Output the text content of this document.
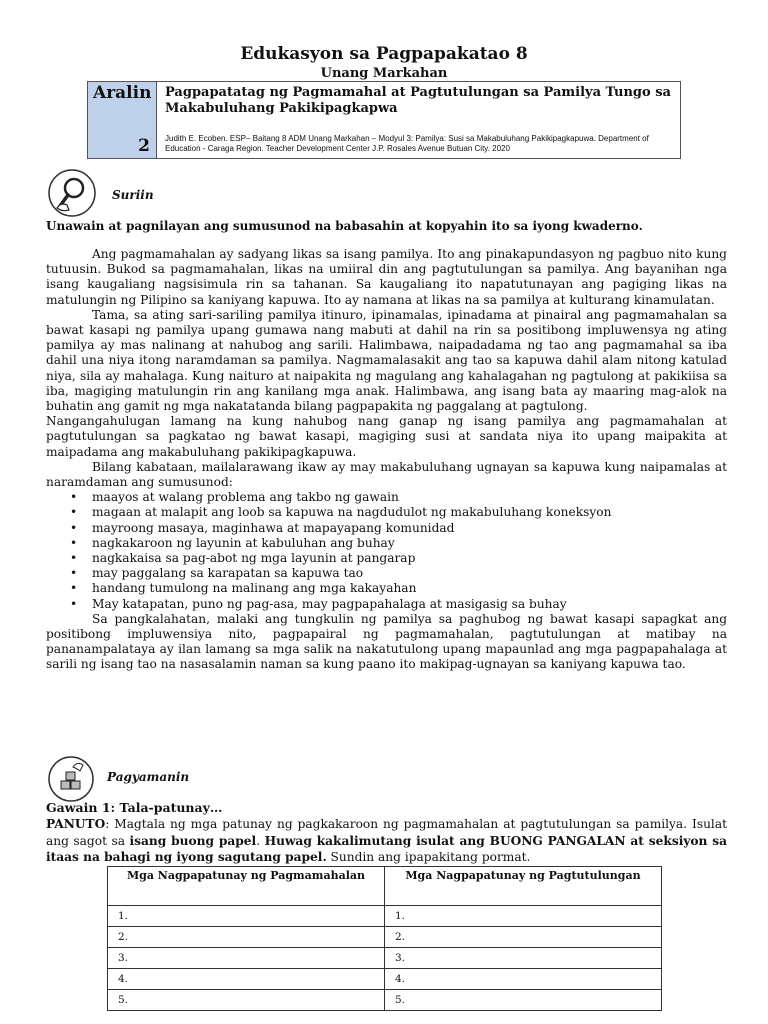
Edukasyon sa Pagpapakatao 8
Unang Markahan
Aralin
2
Pagpapatatag ng Pagmamahal at Pagtutulungan sa Pamilya Tungo sa Makabuluhang Pakikipagkapwa
Judith E. Ecoben. ESP– Baitang 8 ADM Unang Markahan – Modyul 3: Pamilya: Susi sa Makabuluhang Pakikipagkapuwa. Department of Education - Caraga Region. Teacher Development Center J.P. Rosales Avenue Butuan City. 2020
Suriin
Unawain at pagnilayan ang sumusunod na babasahin at kopyahin ito sa iyong kwaderno.

Ang pagmamahalan ay sadyang likas sa isang pamilya. Ito ang pinakapundasyon ng pagbuo nito kung tutuusin. Bukod sa pagmamahalan, likas na umiiral din ang pagtutulungan sa pamilya. Ang bayanihan nga isang kaugaliang nagsisimula rin sa tahanan. Sa kaugaliang ito napatutunayan ang pagiging likas na matulungin ng Pilipino sa kaniyang kapuwa. Ito ay namana at likas na sa pamilya at kulturang kinamulatan.

Tama, sa ating sari-sariling pamilya itinuro, ipinamalas, ipinadama at pinairal ang pagmamahalan sa bawat kasapi ng pamilya upang gumawa nang mabuti at dahil na rin sa positibong impluwensya ng ating pamilya ay mas nalinang at nahubog ang sarili. Halimbawa, naipadadama ng tao ang pagmamahal sa iba dahil una niya itong naramdaman sa pamilya. Nagmamalasakit ang tao sa kapuwa dahil alam nitong katulad niya, sila ay mahalaga. Kung naituro at naipakita ng magulang ang kahalagahan ng pagtulong at pakikiisa sa iba, magiging matulungin rin ang kanilang mga anak. Halimbawa, ang isang bata ay maaring mag-alok na buhatin ang gamit ng mga nakatatanda bilang pagpapakita ng paggalang at pagtulong.

Nangangahulugan lamang na kung nahubog nang ganap ng isang pamilya ang pagmamahalan at pagtutulungan sa pagkatao ng bawat kasapi, magiging susi at sandata niya ito upang maipakita at maipadama ang makabuluhang pakikipagkapuwa.

Bilang kabataan, mailalarawang ikaw ay may makabuluhang ugnayan sa kapuwa kung naipamalas at naramdaman ang sumusunod:

• maayos at walang problema ang takbo ng gawain
• magaan at malapit ang loob sa kapuwa na nagdudulot ng makabuluhang koneksyon
• mayroong masaya, maginhawa at mapayapang komunidad
• nagkakaroon ng layunin at kabuluhan ang buhay
• nagkakaisa sa pag-abot ng mga layunin at pangarap
• may paggalang sa karapatan sa kapuwa tao
• handang tumulong na malinang ang mga kakayahan
• May katapatan, puno ng pag-asa, may pagpapahalaga at masigasig sa buhay

Sa pangkalahatan, malaki ang tungkulin ng pamilya sa paghubog ng bawat kasapi sapagkat ang positibong impluwensiya nito, pagpapairal ng pagmamahalan, pagtutulungan at matibay na pananampalataya ay ilan lamang sa mga salik na nakatutulong upang mapaunlad ang mga pagpapahalaga at sarili ng isang tao na nasasalamin naman sa kung paano ito makipag-ugnayan sa kaniyang kapuwa tao.

Pagyamanin
Gawain 1: Tala-patunay…
PANUTO: Magtala ng mga patunay ng pagkakaroon ng pagmamahalan at pagtutulungan sa pamilya. Isulat ang sagot sa isang buong papel. Huwag kakalimutang isulat ang BUONG PANGALAN at seksiyon sa itaas na bahagi ng iyong sagutang papel. Sundin ang ipapakitang pormat.
Mga Nagpapatunay ng Pagmamahalan	Mga Nagpapatunay ng Pagtutulungan
1.	1.
2.	2.
3.	3.
4.	4.
5.	5.
